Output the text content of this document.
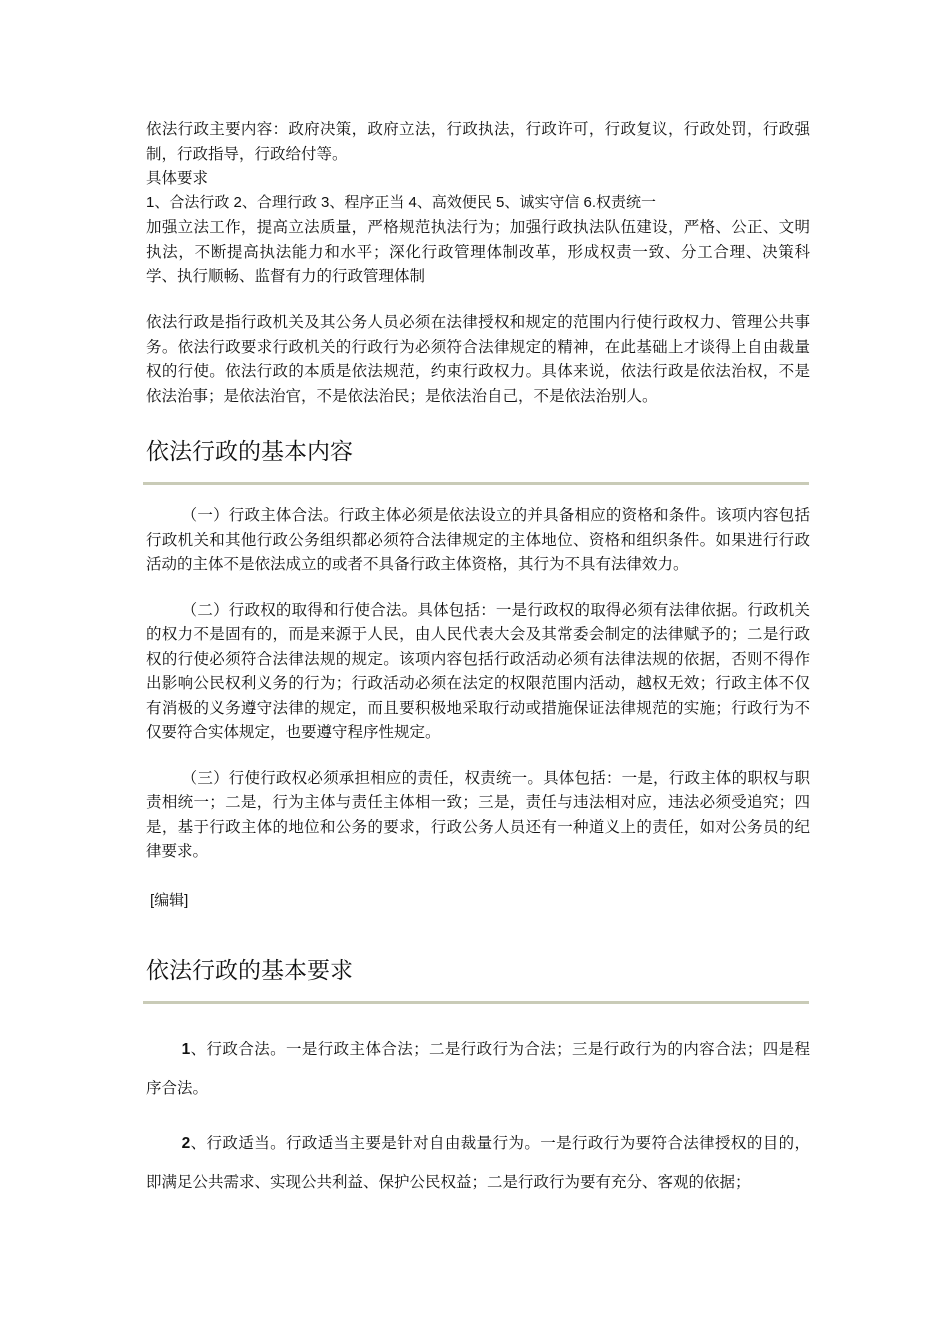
依法行政主要内容：政府决策，政府立法，行政执法，行政许可，行政复议，行政处罚，行政强制，行政指导，行政给付等。

具体要求

1、合法行政 2、合理行政 3、程序正当 4、高效便民 5、诚实守信 6.权责统一

加强立法工作，提高立法质量，严格规范执法行为；加强行政执法队伍建设，严格、公正、文明执法，不断提高执法能力和水平；深化行政管理体制改革，形成权责一致、分工合理、决策科学、执行顺畅、监督有力的行政管理体制

依法行政是指行政机关及其公务人员必须在法律授权和规定的范围内行使行政权力、管理公共事务。依法行政要求行政机关的行政行为必须符合法律规定的精神，在此基础上才谈得上自由裁量权的行使。依法行政的本质是依法规范，约束行政权力。具体来说，依法行政是依法治权，不是依法治事；是依法治官，不是依法治民；是依法治自己，不是依法治别人。

依法行政的基本内容

（一）行政主体合法。行政主体必须是依法设立的并具备相应的资格和条件。该项内容包括行政机关和其他行政公务组织都必须符合法律规定的主体地位、资格和组织条件。如果进行行政活动的主体不是依法成立的或者不具备行政主体资格，其行为不具有法律效力。

（二）行政权的取得和行使合法。具体包括：一是行政权的取得必须有法律依据。行政机关的权力不是固有的，而是来源于人民，由人民代表大会及其常委会制定的法律赋予的；二是行政权的行使必须符合法律法规的规定。该项内容包括行政活动必须有法律法规的依据，否则不得作出影响公民权利义务的行为；行政活动必须在法定的权限范围内活动，越权无效；行政主体不仅有消极的义务遵守法律的规定，而且要积极地采取行动或措施保证法律规范的实施；行政行为不仅要符合实体规定，也要遵守程序性规定。

（三）行使行政权必须承担相应的责任，权责统一。具体包括：一是，行政主体的职权与职责相统一；二是，行为主体与责任主体相一致；三是，责任与违法相对应，违法必须受追究；四是，基于行政主体的地位和公务的要求，行政公务人员还有一种道义上的责任，如对公务员的纪律要求。

[编辑]
依法行政的基本要求

1、行政合法。一是行政主体合法；二是行政行为合法；三是行政行为的内容合法；四是程序合法。

2、行政适当。行政适当主要是针对自由裁量行为。一是行政行为要符合法律授权的目的，即满足公共需求、实现公共利益、保护公民权益；二是行政行为要有充分、客观的依据；
